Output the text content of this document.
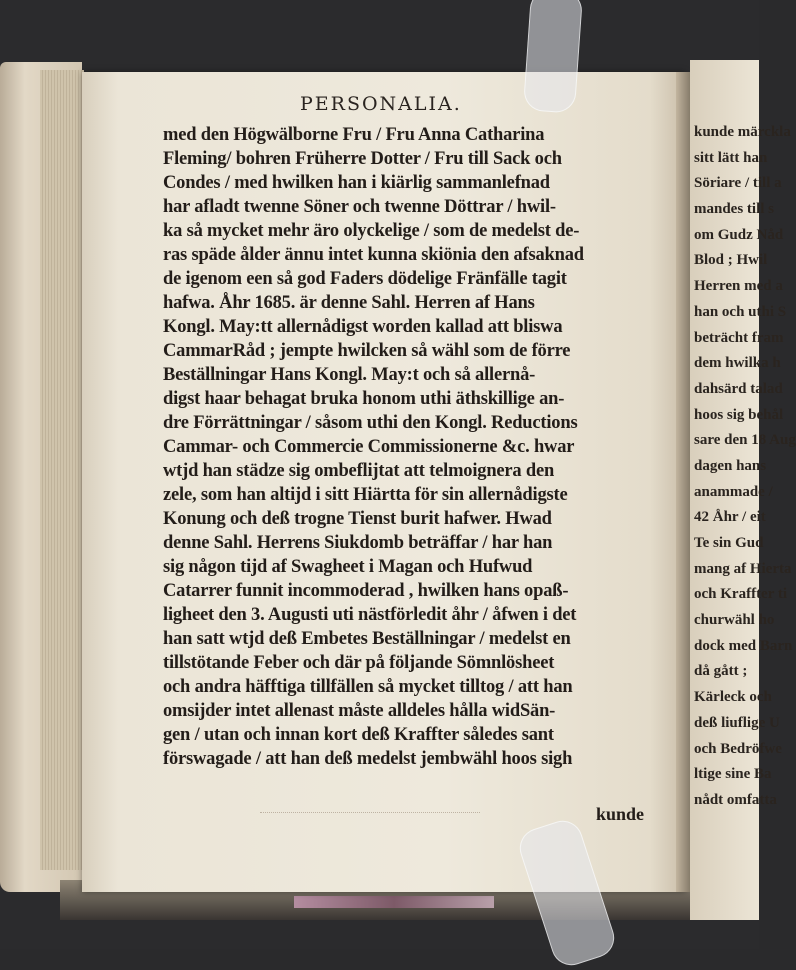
kunde märckla
sitt lätt han
Söriare / till a
mandes till s
om Gudz Nåd
Blod ; Hwil
Herren med a
han och uthi S
beträcht fram
dem hwilka h
dahsärd talad
hoos sig behål
sare den 18 Aug
dagen hans
anammade /
42 Åhr / eit
Te sin Gud
mang af Hierta
och Kraffter ti
churwähl ho
dock med Barn
då gått ;
Kärleck och
deß liuflige U
och Bedröfwe
ltige sine Ba
nådt omfatta
PERSONALIA.
med den Högwälborne Fru / Fru Anna Catharina
Fleming/ bohren Früherre Dotter / Fru till Sack och
Condes / med hwilken han i kiärlig sammanlefnad
har afladt twenne Söner och twenne Döttrar / hwil-
ka så mycket mehr äro olyckelige / som de medelst de-
ras späde ålder ännu intet kunna skiönia den afsaknad
de igenom een så god Faders dödelige Fränfälle tagit
hafwa. Åhr 1685. är denne Sahl. Herren af Hans
Kongl. May:tt allernådigst worden kallad att bliswa
CammarRåd ; jempte hwilcken så wähl som de förre
Beställningar Hans Kongl. May:t och så allernå-
digst haar behagat bruka honom uthi äthskillige an-
dre Förrättningar / såsom uthi den Kongl. Reductions
Cammar- och Commercie Commissionerne &c. hwar
wtjd han städze sig ombeflijtat att telmoignera den
zele, som han altijd i sitt Hiärtta för sin allernådigste
Konung och deß trogne Tienst burit hafwer. Hwad
denne Sahl. Herrens Siukdomb beträffar / har han
sig någon tijd af Swagheet i Magan och Hufwud
Catarrer funnit incommoderad , hwilken hans opaß-
ligheet den 3. Augusti uti nästförledit åhr / åfwen i det
han satt wtjd deß Embetes Beställningar / medelst en
tillstötande Feber och där på följande Sömnlösheet
och andra häfftiga tillfällen så mycket tilltog / att han
omsijder intet allenast måste alldeles hålla widSän-
gen / utan och innan kort deß Kraffter således sant
förswagade / att han deß medelst jembwähl hoos sigh
kunde
